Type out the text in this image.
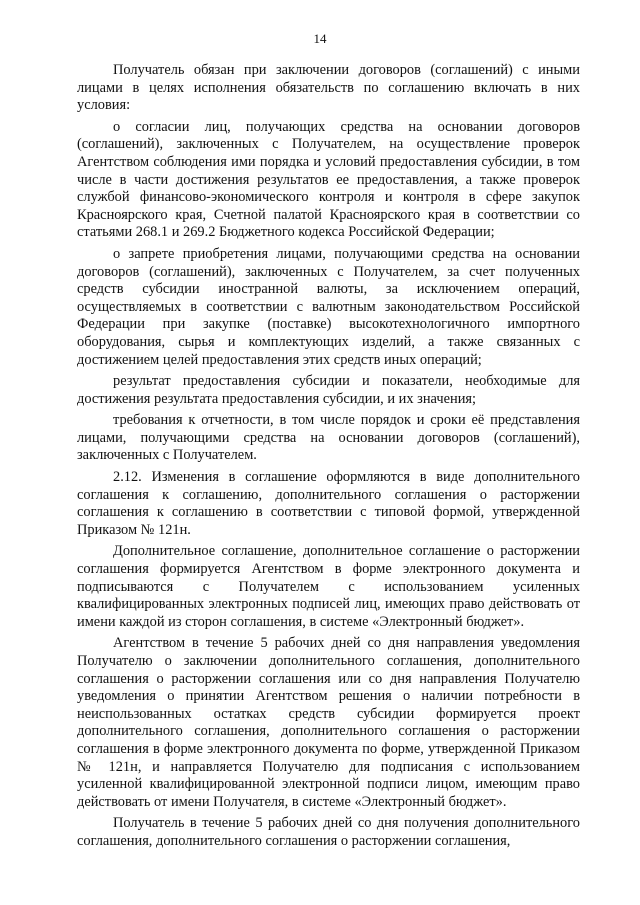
14

Получатель обязан при заключении договоров (соглашений) с иными лицами в целях исполнения обязательств по соглашению включать в них условия:

о согласии лиц, получающих средства на основании договоров (соглашений), заключенных с Получателем, на осуществление проверок Агентством соблюдения ими порядка и условий предоставления субсидии, в том числе в части достижения результатов ее предоставления, а также проверок службой финансово-экономического контроля и контроля в сфере закупок Красноярского края, Счетной палатой Красноярского края в соответствии со статьями 268.1 и 269.2 Бюджетного кодекса Российской Федерации;

о запрете приобретения лицами, получающими средства на основании договоров (соглашений), заключенных с Получателем, за счет полученных средств субсидии иностранной валюты, за исключением операций, осуществляемых в соответствии с валютным законодательством Российской Федерации при закупке (поставке) высокотехнологичного импортного оборудования, сырья и комплектующих изделий, а также связанных с достижением целей предоставления этих средств иных операций;

результат предоставления субсидии и показатели, необходимые для достижения результата предоставления субсидии, и их значения;

требования к отчетности, в том числе порядок и сроки её представления лицами, получающими средства на основании договоров (соглашений), заключенных с Получателем.

2.12. Изменения в соглашение оформляются в виде дополнительного соглашения к соглашению, дополнительного соглашения о расторжении соглашения к соглашению в соответствии с типовой формой, утвержденной Приказом № 121н.

Дополнительное соглашение, дополнительное соглашение о расторжении соглашения формируется Агентством в форме электронного документа и подписываются с Получателем с использованием усиленных квалифицированных электронных подписей лиц, имеющих право действовать от имени каждой из сторон соглашения, в системе «Электронный бюджет».

Агентством в течение 5 рабочих дней со дня направления уведомления Получателю о заключении дополнительного соглашения, дополнительного соглашения о расторжении соглашения или со дня направления Получателю уведомления о принятии Агентством решения о наличии потребности в неиспользованных остатках средств субсидии формируется проект дополнительного соглашения, дополнительного соглашения о расторжении соглашения в форме электронного документа по форме, утвержденной Приказом № 121н, и направляется Получателю для подписания с использованием усиленной квалифицированной электронной подписи лицом, имеющим право действовать от имени Получателя, в системе «Электронный бюджет».

Получатель в течение 5 рабочих дней со дня получения дополнительного соглашения, дополнительного соглашения о расторжении соглашения,
